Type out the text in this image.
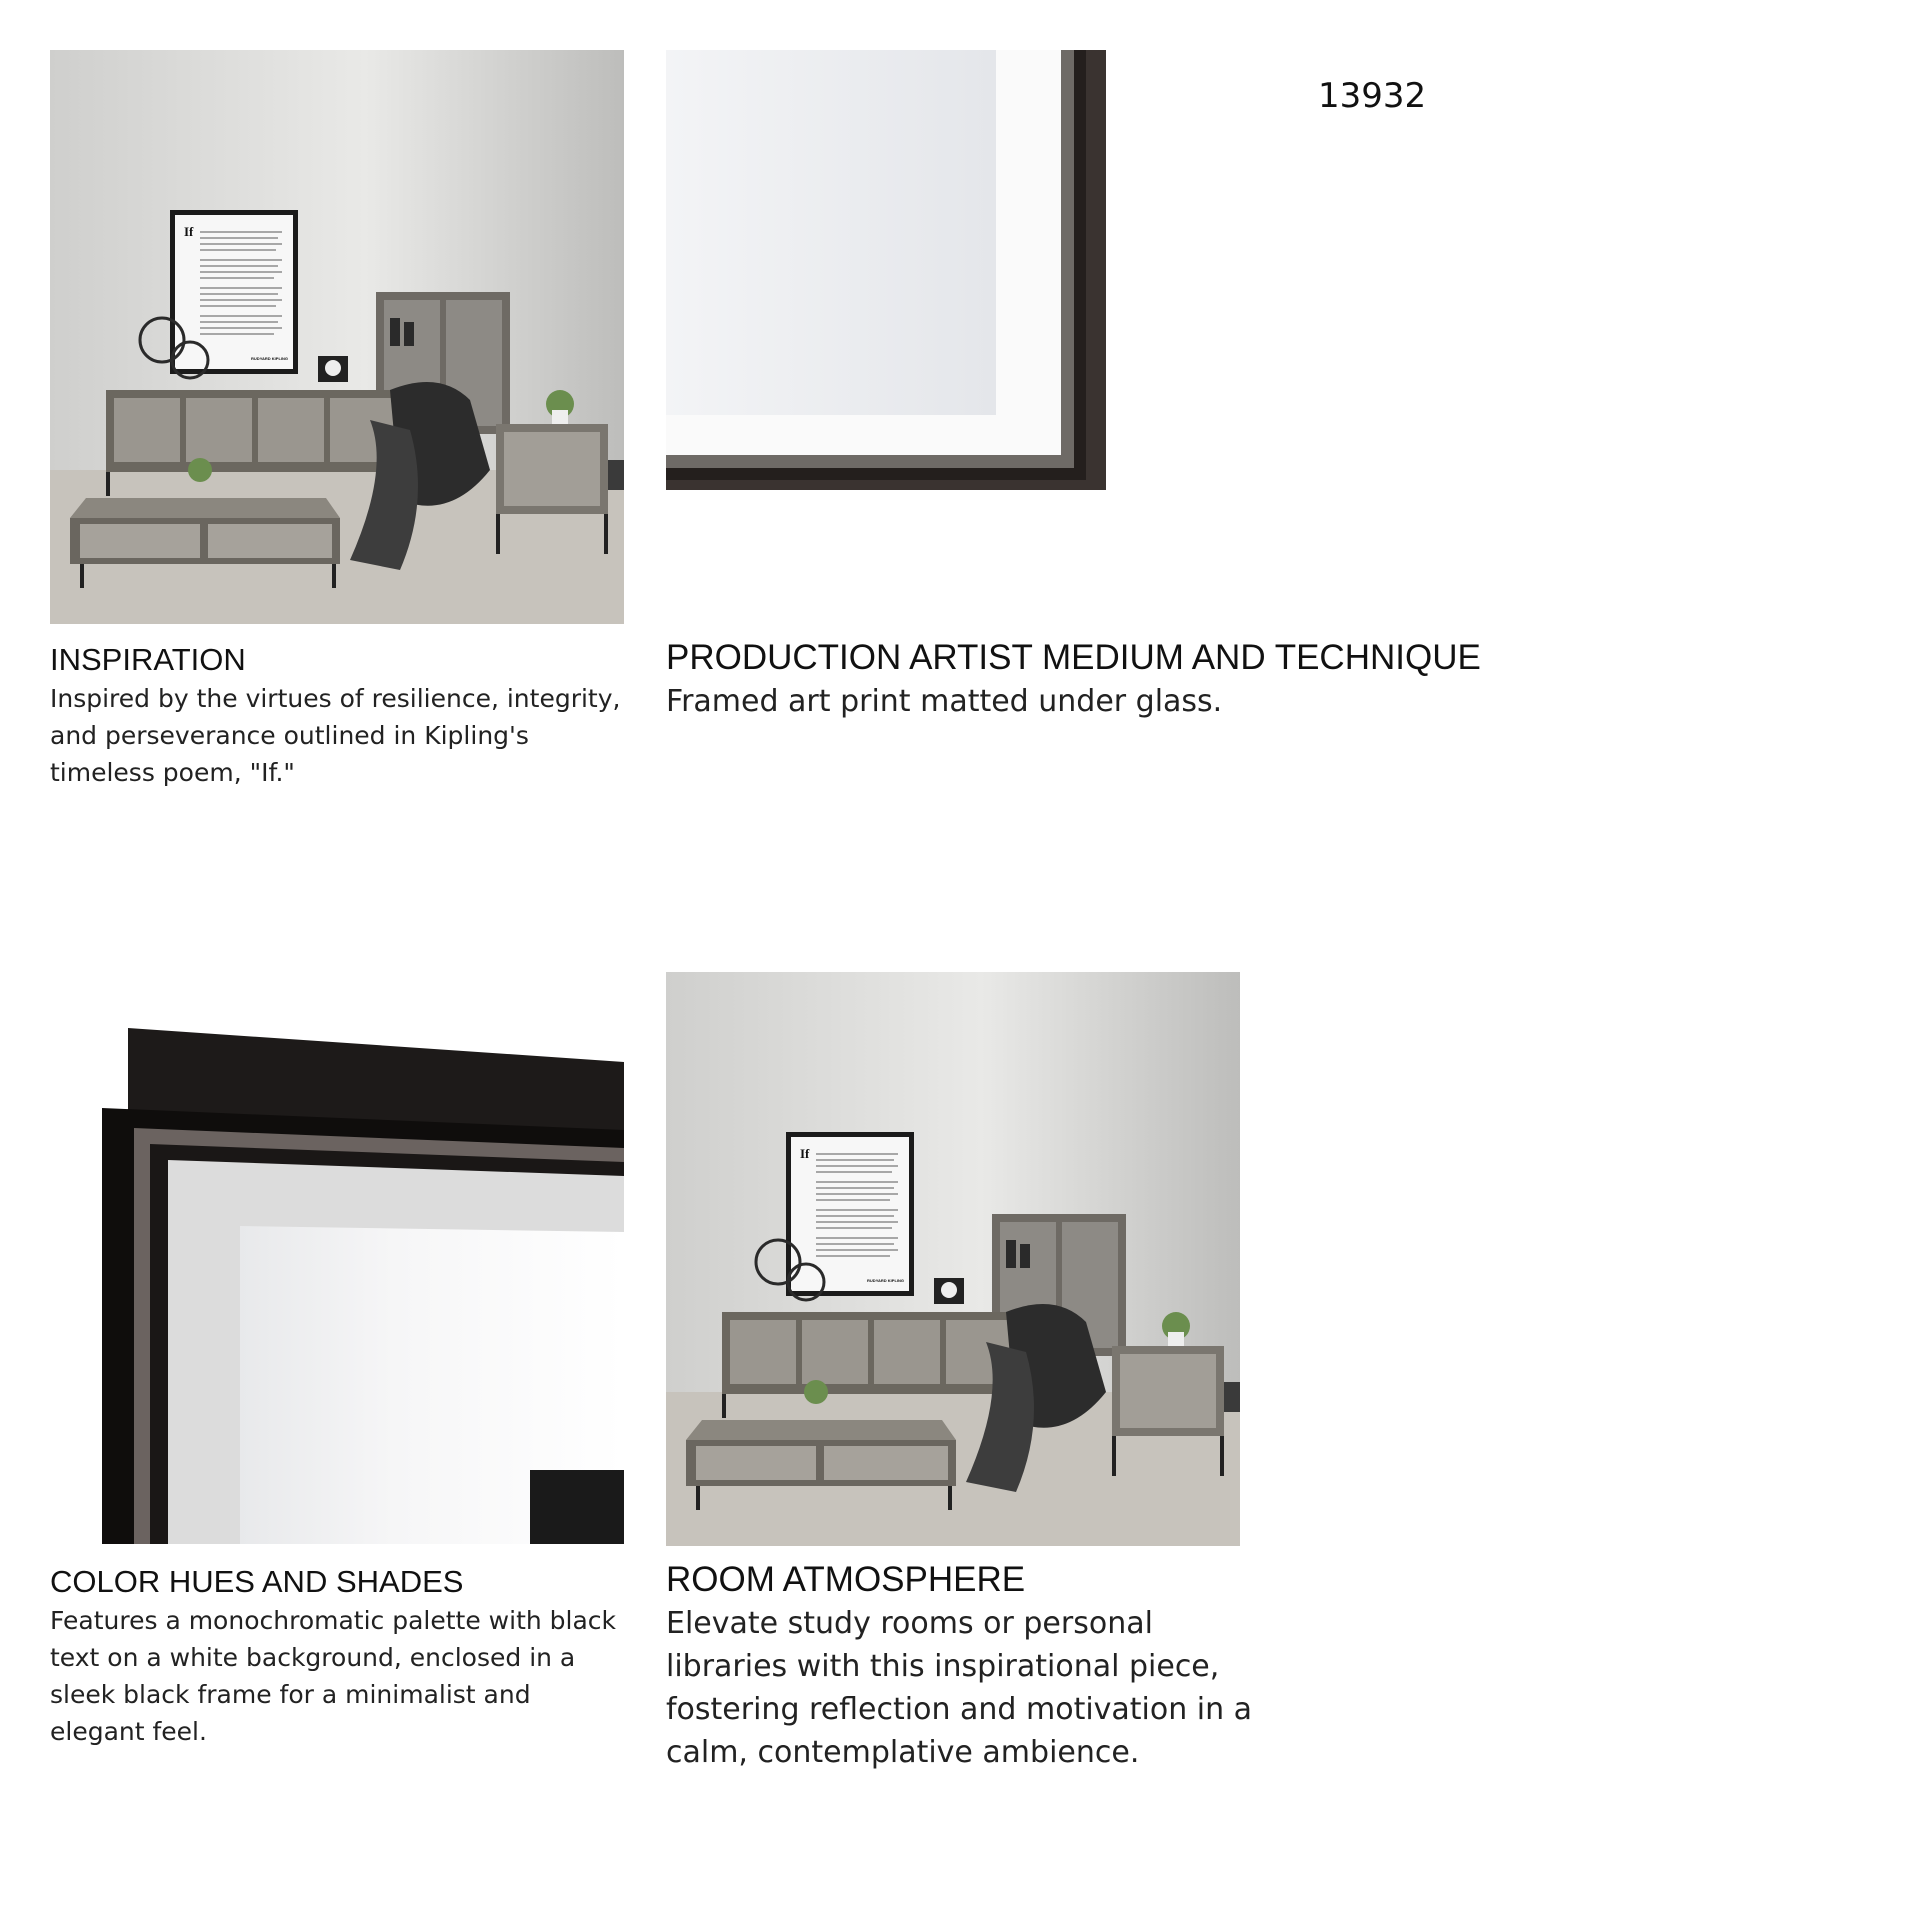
13932
If
RUDYARD KIPLING
If
RUDYARD KIPLING
INSPIRATION

Inspired by the virtues of resilience, integrity, and perseverance outlined in Kipling's timeless poem, "If."

PRODUCTION ARTIST MEDIUM AND TECHNIQUE

Framed art print matted under glass.

COLOR HUES AND SHADES

Features a monochromatic palette with black text on a white background, enclosed in a sleek black frame for a minimalist and elegant feel.

ROOM ATMOSPHERE

Elevate study rooms or personal libraries with this inspirational piece, fostering reflection and motivation in a calm, contemplative ambience.
